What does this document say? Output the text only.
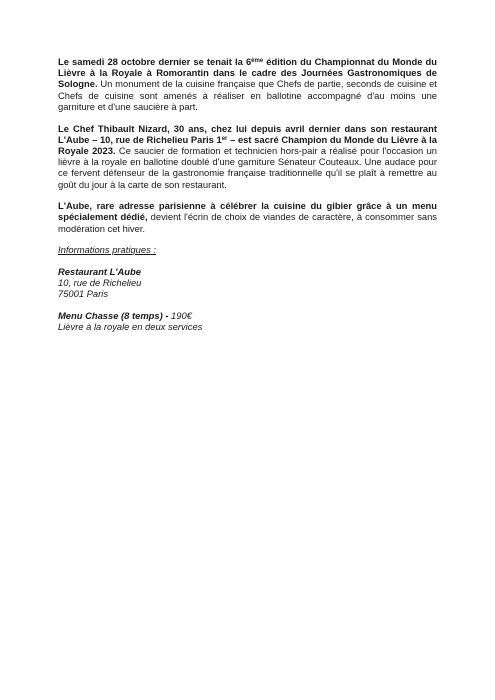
Le samedi 28 octobre dernier se tenait la 6ème édition du Championnat du Monde du Lièvre à la Royale à Romorantin dans le cadre des Journées Gastronomiques de Sologne. Un monument de la cuisine française que Chefs de partie, seconds de cuisine et Chefs de cuisine sont amenés à réaliser en ballotine accompagné d'au moins une garniture et d'une saucière à part.

Le Chef Thibault Nizard, 30 ans, chez lui depuis avril dernier dans son restaurant L'Aube – 10, rue de Richelieu Paris 1er – est sacré Champion du Monde du Lièvre à la Royale 2023. Ce saucier de formation et technicien hors-pair a réalisé pour l'occasion un lièvre à la royale en ballotine doublé d'une garniture Sénateur Couteaux. Une audace pour ce fervent défenseur de la gastronomie française traditionnelle qu'il se plaît à remettre au goût du jour à la carte de son restaurant.

L'Aube, rare adresse parisienne à célébrer la cuisine du gibier grâce à un menu spécialement dédié, devient l'écrin de choix de viandes de caractère, à consommer sans modération cet hiver.

Informations pratiques :

Restaurant L'Aube
10, rue de Richelieu
75001 Paris
Menu Chasse (8 temps) - 190€
Lièvre à la royale en deux services
